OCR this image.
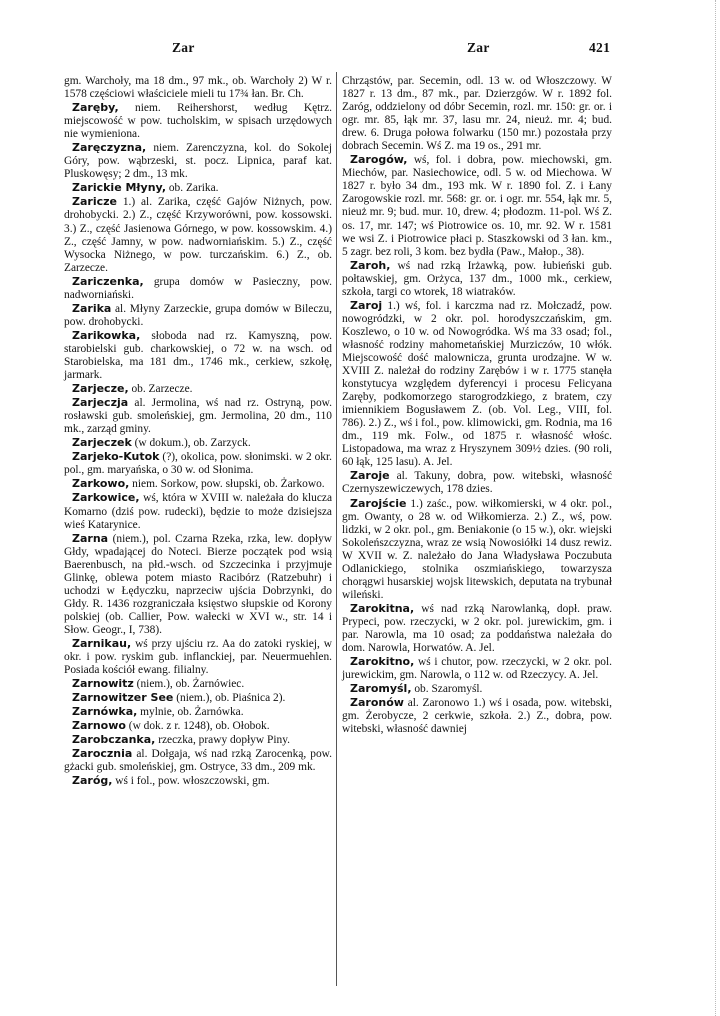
Zar	Zar	421

gm. Warchoły, ma 18 dm., 97 mk., ob. Warchoły 2) W r. 1578 częściowi właściciele mieli tu 17¾ łan. Br. Ch.

Zaręby, niem. Reihershorst, według Kętrz. miejscowość w pow. tucholskim, w spisach urzędowych nie wymieniona.

Zaręczyzna, niem. Zarenczyzna, kol. do Sokolej Góry, pow. wąbrzeski, st. pocz. Lipnica, paraf kat. Pluskowęsy; 2 dm., 13 mk.

Zarickie Młyny, ob. Zarika.

Zaricze 1.) al. Zarika, część Gajów Niżnych, pow. drohobycki. 2.) Z., część Krzyworówni, pow. kossowski. 3.) Z., część Jasienowa Górnego, w pow. kossowskim. 4.) Z., część Jamny, w pow. nadworniańskim. 5.) Z., część Wysocka Niżnego, w pow. turczańskim. 6.) Z., ob. Zarzecze.

Zariczenka, grupa domów w Pasieczny, pow. nadworniański.

Zarika al. Młyny Zarzeckie, grupa domów w Bileczu, pow. drohobycki.

Zarikowka, słoboda nad rz. Kamyszną, pow. starobielski gub. charkowskiej, o 72 w. na wsch. od Starobielska, ma 181 dm., 1746 mk., cerkiew, szkołę, jarmark.

Zarjecze, ob. Zarzecze.

Zarjeczja al. Jermolina, wś nad rz. Ostryną, pow. rosławski gub. smoleńskiej, gm. Jermolina, 20 dm., 110 mk., zarząd gminy.

Zarjeczek (w dokum.), ob. Zarzyck.

Zarjeko-Kutok (?), okolica, pow. słonimski. w 2 okr. pol., gm. maryańska, o 30 w. od Słonima.

Zarkowo, niem. Sorkow, pow. słupski, ob. Żarkowo.

Zarkowice, wś, która w XVIII w. należała do klucza Komarno (dziś pow. rudecki), będzie to może dzisiejsza wieś Katarynice.

Zarna (niem.), pol. Czarna Rzeka, rzka, lew. dopływ Głdy, wpadającej do Noteci. Bierze początek pod wsią Baerenbusch, na płd.-wsch. od Szczecinka i przyjmuje Glinkę, oblewa potem miasto Racibórz (Ratzebuhr) i uchodzi w Łędyczku, naprzeciw ujścia Dobrzynki, do Głdy. R. 1436 rozgraniczała księstwo słupskie od Korony polskiej (ob. Callier, Pow. wałecki w XVI w., str. 14 i Słow. Geogr., I, 738).

Zarnikau, wś przy ujściu rz. Aa do zatoki ryskiej, w okr. i pow. ryskim gub. inflanckiej, par. Neuermuehlen. Posiada kościół ewang. filialny.

Zarnowitz (niem.), ob. Żarnówiec.

Zarnowitzer See (niem.), ob. Piaśnica 2).

Zarnówka, mylnie, ob. Żarnówka.

Zarnowo (w dok. z r. 1248), ob. Ołobok.

Zarobczanka, rzeczka, prawy dopływ Piny.

Zarocznia al. Dołgaja, wś nad rzką Zarocenką, pow. gżacki gub. smoleńskiej, gm. Ostryce, 33 dm., 209 mk.

Zaróg, wś i fol., pow. włoszczowski, gm.

Chrząstów, par. Secemin, odl. 13 w. od Włoszczowy. W 1827 r. 13 dm., 87 mk., par. Dzierzgów. W r. 1892 fol. Zaróg, oddzielony od dóbr Secemin, rozl. mr. 150: gr. or. i ogr. mr. 85, łąk mr. 37, lasu mr. 24, nieuż. mr. 4; bud. drew. 6. Druga połowa folwarku (150 mr.) pozostała przy dobrach Secemin. Wś Z. ma 19 os., 291 mr.

Zarogów, wś, fol. i dobra, pow. miechowski, gm. Miechów, par. Nasiechowice, odl. 5 w. od Miechowa. W 1827 r. było 34 dm., 193 mk. W r. 1890 fol. Z. i Łany Zarogowskie rozl. mr. 568: gr. or. i ogr. mr. 554, łąk mr. 5, nieuż mr. 9; bud. mur. 10, drew. 4; płodozm. 11-pol. Wś Z. os. 17, mr. 147; wś Piotrowice os. 10, mr. 92. W r. 1581 we wsi Z. i Piotrowice płaci p. Staszkowski od 3 łan. km., 5 zagr. bez roli, 3 kom. bez bydła (Paw., Małop., 38).

Zaroh, wś nad rzką Irżawką, pow. łubieński gub. połtawskiej, gm. Orżyca, 137 dm., 1000 mk., cerkiew, szkoła, targi co wtorek, 18 wiatraków.

Zaroj 1.) wś, fol. i karczma nad rz. Mołczadź, pow. nowogródzki, w 2 okr. pol. horodyszczańskim, gm. Koszlewo, o 10 w. od Nowogródka. Wś ma 33 osad; fol., własność rodziny mahometańskiej Murziczów, 10 włók. Miejscowość dość malownicza, grunta urodzajne. W w. XVIII Z. należał do rodziny Zarębów i w r. 1775 stanęła konstytucya względem dyferencyi i procesu Felicyana Zaręby, podkomorzego starogrodzkiego, z bratem, czy imiennikiem Bogusławem Z. (ob. Vol. Leg., VIII, fol. 786). 2.) Z., wś i fol., pow. klimowicki, gm. Rodnia, ma 16 dm., 119 mk. Folw., od 1875 r. własność włośc. Listopadowa, ma wraz z Hryszynem 309½ dzies. (90 roli, 60 łąk, 125 lasu). A. Jel.

Zaroje al. Takuny, dobra, pow. witebski, własność Czernyszewiczewych, 178 dzies.

Zarojście 1.) zaśc., pow. wiłkomierski, w 4 okr. pol., gm. Owanty, o 28 w. od Wiłkomierza. 2.) Z., wś, pow. lidzki, w 2 okr. pol., gm. Beniakonie (o 15 w.), okr. wiejski Sokoleńszczyzna, wraz ze wsią Nowosiółki 14 dusz rewiz. W XVII w. Z. należało do Jana Władysława Poczubuta Odlanickiego, stolnika oszmiańskiego, towarzysza chorągwi husarskiej wojsk litewskich, deputata na trybunał wileński.

Zarokitna, wś nad rzką Narowlanką, dopł. praw. Prypeci, pow. rzeczycki, w 2 okr. pol. jurewickim, gm. i par. Narowla, ma 10 osad; za poddaństwa należała do dom. Narowla, Horwatów. A. Jel.

Zarokitno, wś i chutor, pow. rzeczycki, w 2 okr. pol. jurewickim, gm. Narowla, o 112 w. od Rzeczycy. A. Jel.

Zaromyśl, ob. Szaromyśl.

Zaronów al. Zaronowo 1.) wś i osada, pow. witebski, gm. Żerobycze, 2 cerkwie, szkoła. 2.) Z., dobra, pow. witebski, własność dawniej
